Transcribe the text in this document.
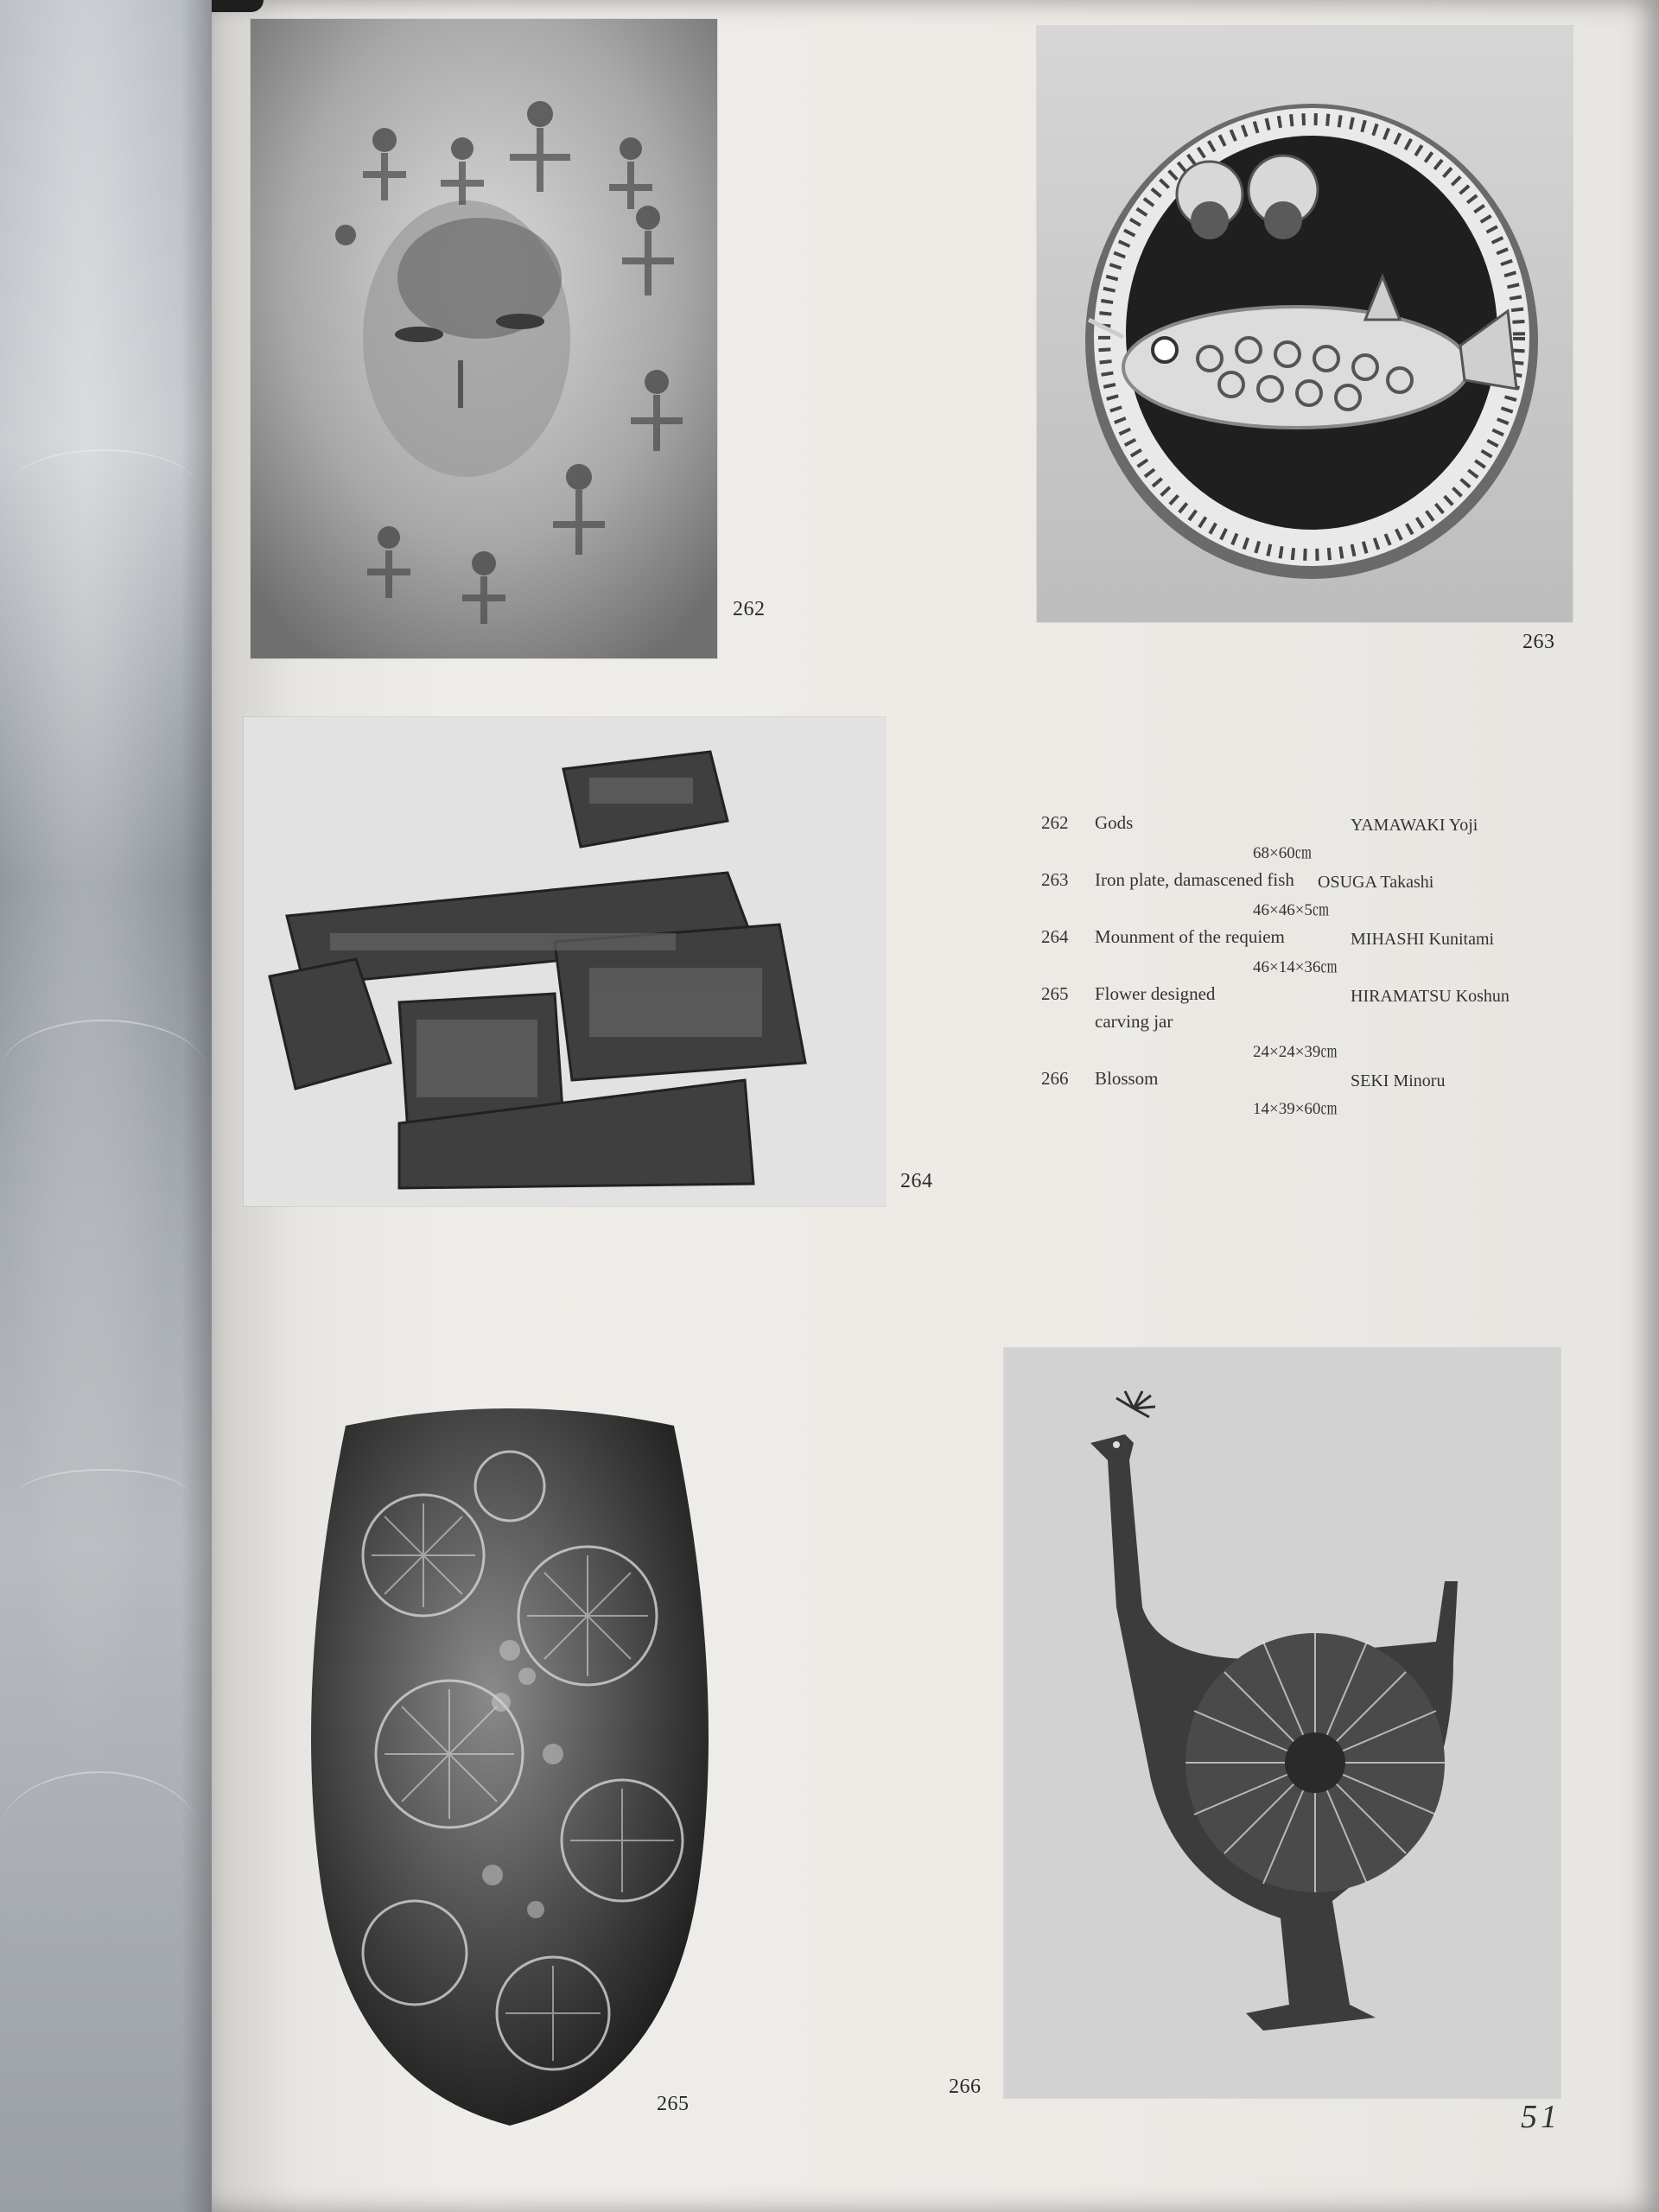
262
263
264
262 Gods	YAMAWAKI Yoji
68×60㎝
263 Iron plate, damascened fish OSUGA Takashi
46×46×5㎝
264 Mounment of the requiem	MIHASHI Kunitami
46×14×36㎝
265 Flower designed	HIRAMATSU Koshun
carving jar
24×24×39㎝
266 Blossom	SEKI Minoru
14×39×60㎝
265
266
51
